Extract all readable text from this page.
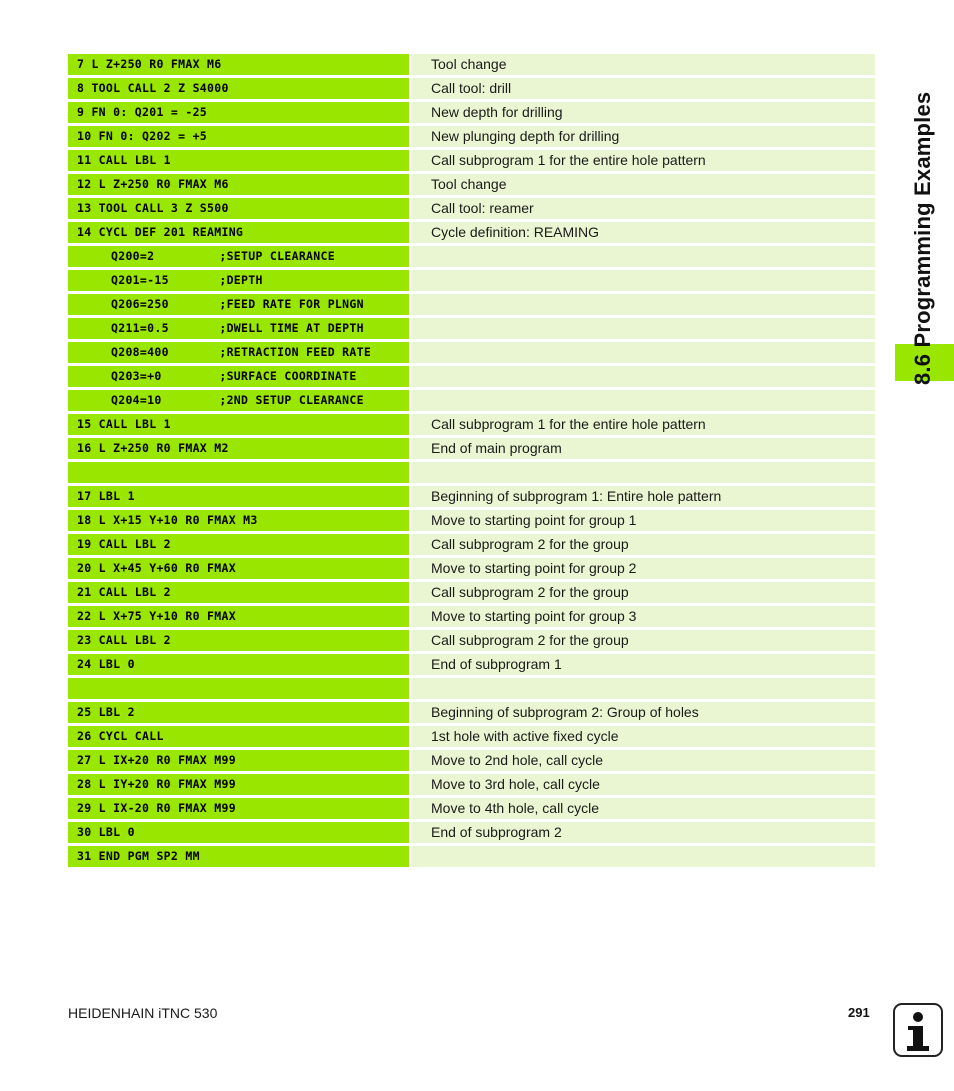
7 L Z+250 R0 FMAX M6	Tool change
8 TOOL CALL 2 Z S4000	Call tool: drill
9 FN 0: Q201 = -25	New depth for drilling
10 FN 0: Q202 = +5	New plunging depth for drilling
11 CALL LBL 1	Call subprogram 1 for the entire hole pattern
12 L Z+250 R0 FMAX M6	Tool change
13 TOOL CALL 3 Z S500	Call tool: reamer
14 CYCL DEF 201 REAMING	Cycle definition: REAMING
Q200=2         ;SETUP CLEARANCE
Q201=-15       ;DEPTH
Q206=250       ;FEED RATE FOR PLNGN
Q211=0.5       ;DWELL TIME AT DEPTH
Q208=400       ;RETRACTION FEED RATE
Q203=+0        ;SURFACE COORDINATE
Q204=10        ;2ND SETUP CLEARANCE
15 CALL LBL 1	Call subprogram 1 for the entire hole pattern
16 L Z+250 R0 FMAX M2	End of main program
17 LBL 1	Beginning of subprogram 1: Entire hole pattern
18 L X+15 Y+10 R0 FMAX M3	Move to starting point for group 1
19 CALL LBL 2	Call subprogram 2 for the group
20 L X+45 Y+60 R0 FMAX	Move to starting point for group 2
21 CALL LBL 2	Call subprogram 2 for the group
22 L X+75 Y+10 R0 FMAX	Move to starting point for group 3
23 CALL LBL 2	Call subprogram 2 for the group
24 LBL 0	End of subprogram 1
25 LBL 2	Beginning of subprogram 2: Group of holes
26 CYCL CALL	1st hole with active fixed cycle
27 L IX+20 R0 FMAX M99	Move to 2nd hole, call cycle
28 L IY+20 R0 FMAX M99	Move to 3rd hole, call cycle
29 L IX-20 R0 FMAX M99	Move to 4th hole, call cycle
30 LBL 0	End of subprogram 2
31 END PGM SP2 MM
8.6 Programming Examples
HEIDENHAIN iTNC 530	291
